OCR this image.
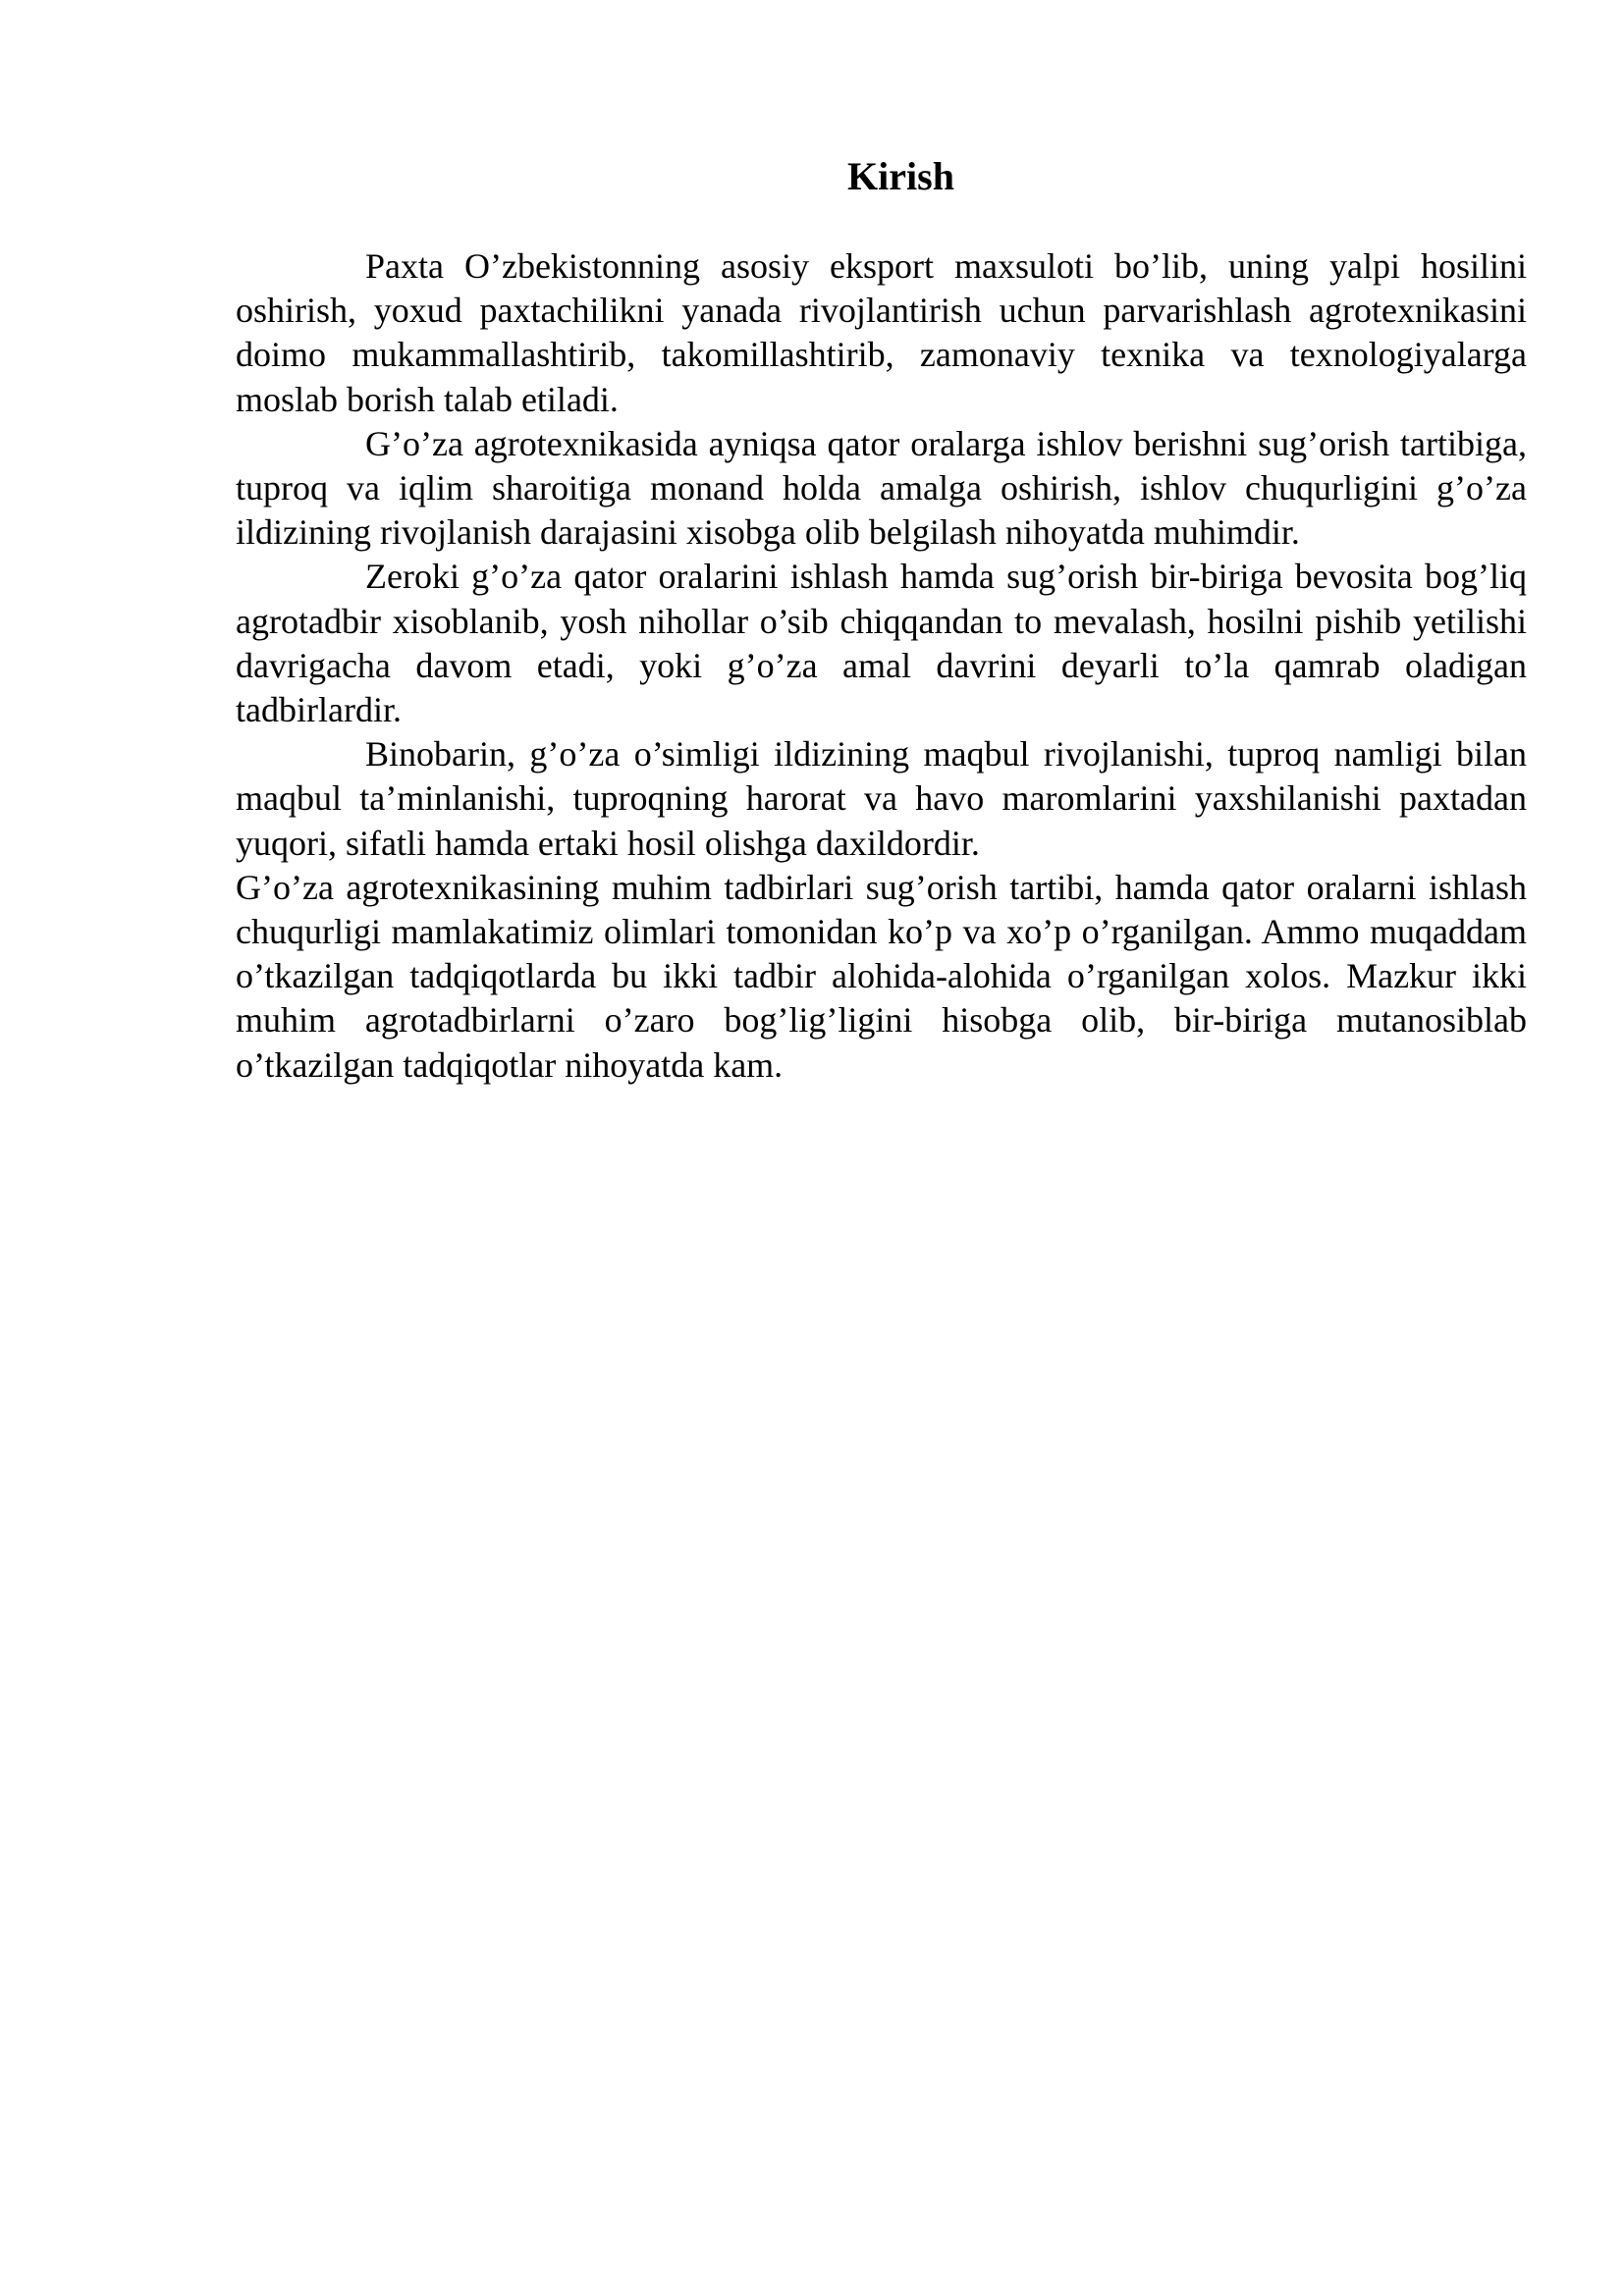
Kirish

Paxta O’zbekistonning asosiy eksport maxsuloti bo’lib, uning yalpi hosilini oshirish, yoxud paxtachilikni yanada rivojlantirish uchun parvarishlash agrotexnikasini doimo mukammallashtirib, takomillashtirib, zamonaviy texnika va texnologiyalarga moslab borish talab etiladi.

G’o’za agrotexnikasida ayniqsa qator oralarga ishlov berishni sug’orish tartibiga, tuproq va iqlim sharoitiga monand holda amalga oshirish, ishlov chuqurligini g’o’za ildizining rivojlanish darajasini xisobga olib belgilash nihoyatda muhimdir.

Zeroki g’o’za qator oralarini ishlash hamda sug’orish bir-biriga bevosita bog’liq agrotadbir xisoblanib, yosh nihollar o’sib chiqqandan to mevalash, hosilni pishib yetilishi davrigacha davom etadi, yoki g’o’za amal davrini deyarli to’la qamrab oladigan tadbirlardir.

Binobarin, g’o’za o’simligi ildizining maqbul rivojlanishi, tuproq namligi bilan maqbul ta’minlanishi, tuproqning harorat va havo maromlarini yaxshilanishi paxtadan yuqori, sifatli hamda ertaki hosil olishga daxildordir.

G’o’za agrotexnikasining muhim tadbirlari sug’orish tartibi, hamda qator oralarni ishlash chuqurligi mamlakatimiz olimlari tomonidan ko’p va xo’p o’rganilgan. Ammo muqaddam o’tkazilgan tadqiqotlarda bu ikki tadbir alohida-alohida o’rganilgan xolos. Mazkur ikki muhim agrotadbirlarni o’zaro bog’lig’ligini hisobga olib, bir-biriga mutanosiblab o’tkazilgan tadqiqotlar nihoyatda kam.
